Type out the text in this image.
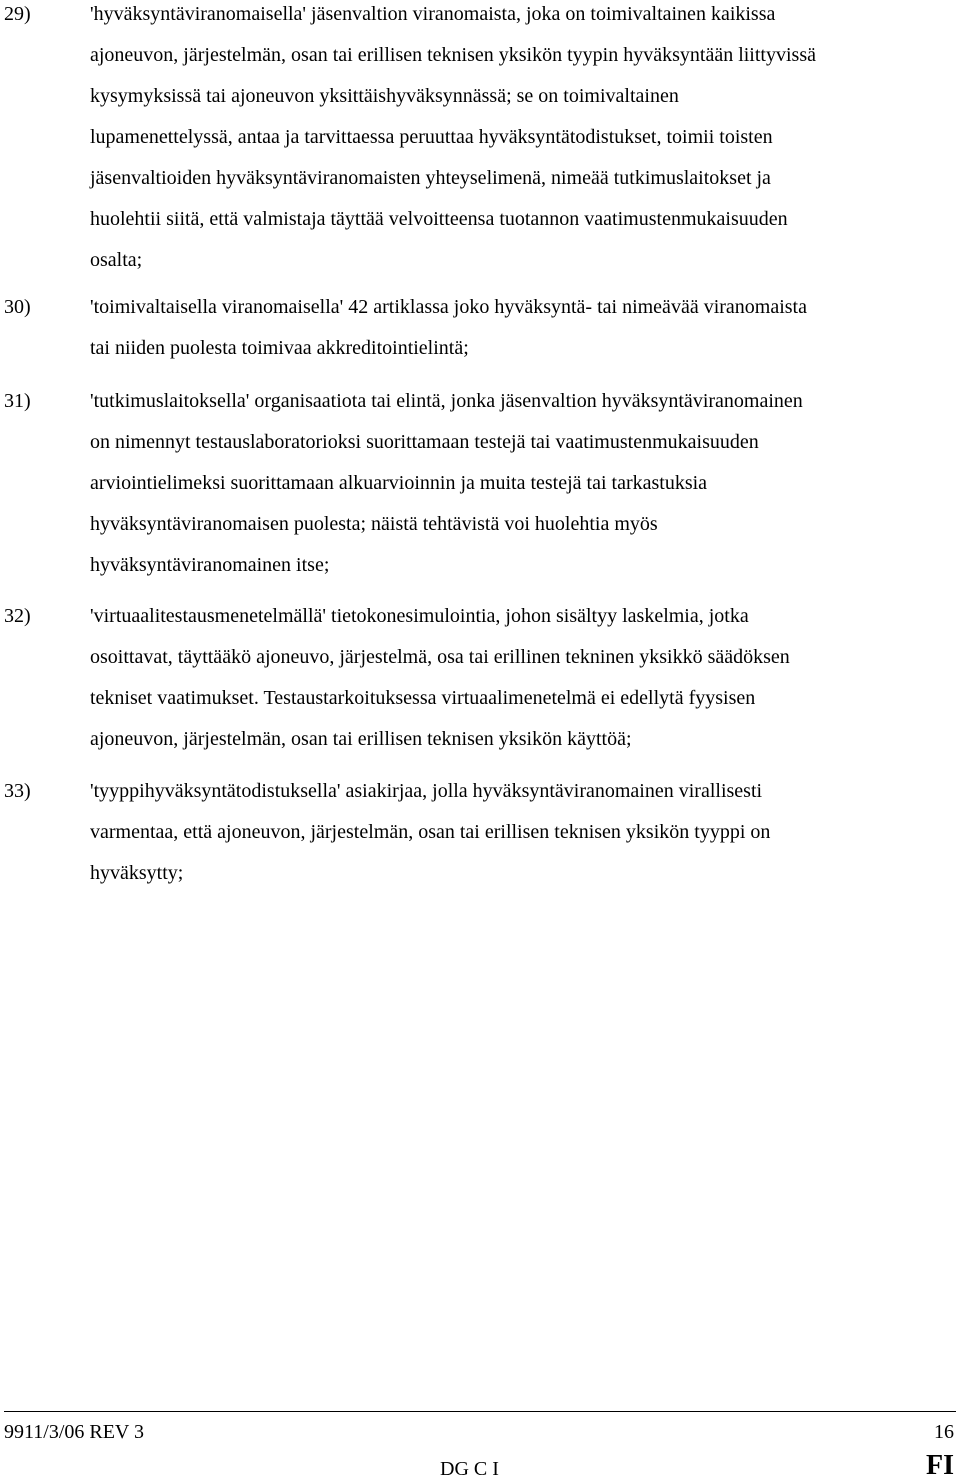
29)	'hyväksyntäviranomaisella' jäsenvaltion viranomaista, joka on toimivaltainen kaikissa
ajoneuvon, järjestelmän, osan tai erillisen teknisen yksikön tyypin hyväksyntään liittyvissä
kysymyksissä tai ajoneuvon yksittäishyväksynnässä; se on toimivaltainen
lupamenettelyssä, antaa ja tarvittaessa peruuttaa hyväksyntätodistukset, toimii toisten
jäsenvaltioiden hyväksyntäviranomaisten yhteyselimenä, nimeää tutkimuslaitokset ja
huolehtii siitä, että valmistaja täyttää velvoitteensa tuotannon vaatimustenmukaisuuden
osalta;
30)	'toimivaltaisella viranomaisella' 42 artiklassa joko hyväksyntä- tai nimeävää viranomaista
tai niiden puolesta toimivaa akkreditointielintä;
31)	'tutkimuslaitoksella' organisaatiota tai elintä, jonka jäsenvaltion hyväksyntäviranomainen
on nimennyt testauslaboratorioksi suorittamaan testejä tai vaatimustenmukaisuuden
arviointielimeksi suorittamaan alkuarvioinnin ja muita testejä tai tarkastuksia
hyväksyntäviranomaisen puolesta; näistä tehtävistä voi huolehtia myös
hyväksyntäviranomainen itse;
32)	'virtuaalitestausmenetelmällä' tietokonesimulointia, johon sisältyy laskelmia, jotka
osoittavat, täyttääkö ajoneuvo, järjestelmä, osa tai erillinen tekninen yksikkö säädöksen
tekniset vaatimukset. Testaustarkoituksessa virtuaalimenetelmä ei edellytä fyysisen
ajoneuvon, järjestelmän, osan tai erillisen teknisen yksikön käyttöä;
33)	'tyyppihyväksyntätodistuksella' asiakirjaa, jolla hyväksyntäviranomainen virallisesti
varmentaa, että ajoneuvon, järjestelmän, osan tai erillisen teknisen yksikön tyyppi on
hyväksytty;
9911/3/06 REV 3	16
DG C I	FI
